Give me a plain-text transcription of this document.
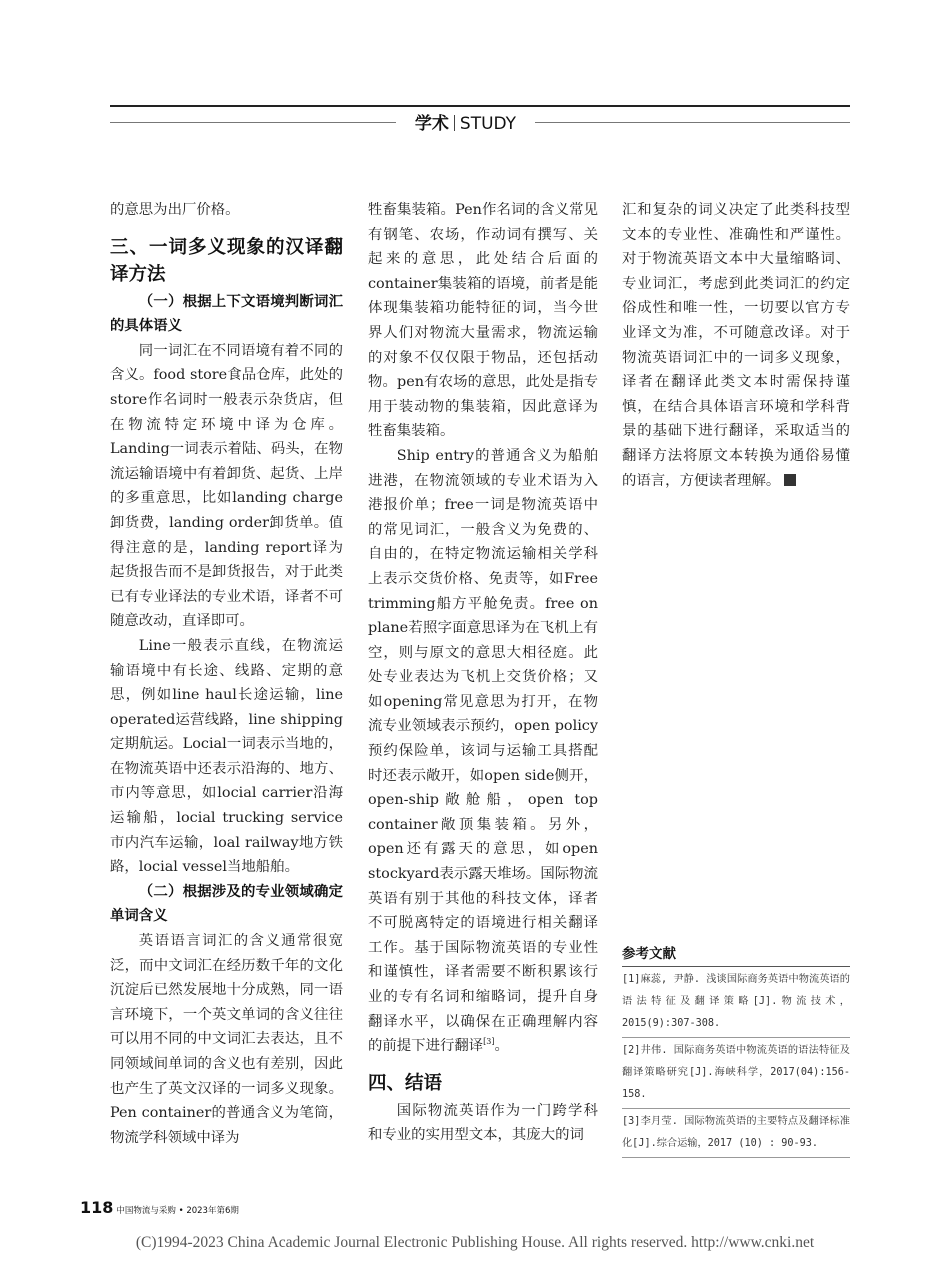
学术 STUDY

的意思为出厂价格。

三、一词多义现象的汉译翻译方法

（一）根据上下文语境判断词汇的具体语义

同一词汇在不同语境有着不同的含义。food store食品仓库，此处的store作名词时一般表示杂货店，但在物流特定环境中译为仓库。Landing一词表示着陆、码头，在物流运输语境中有着卸货、起货、上岸的多重意思，比如landing charge卸货费，landing order卸货单。值得注意的是，landing report译为起货报告而不是卸货报告，对于此类已有专业译法的专业术语，译者不可随意改动，直译即可。

Line一般表示直线，在物流运输语境中有长途、线路、定期的意思，例如line haul长途运输，line operated运营线路，line shipping定期航运。Locial一词表示当地的，在物流英语中还表示沿海的、地方、市内等意思，如locial carrier沿海运输船，locial trucking service市内汽车运输，loal railway地方铁路，locial vessel当地船舶。

（二）根据涉及的专业领域确定单词含义

英语语言词汇的含义通常很宽泛，而中文词汇在经历数千年的文化沉淀后已然发展地十分成熟，同一语言环境下，一个英文单词的含义往往可以用不同的中文词汇去表达，且不同领域间单词的含义也有差别，因此也产生了英文汉译的一词多义现象。Pen container的普通含义为笔筒，物流学科领域中译为

牲畜集装箱。Pen作名词的含义常见有钢笔、农场，作动词有撰写、关起来的意思，此处结合后面的container集装箱的语境，前者是能体现集装箱功能特征的词，当今世界人们对物流大量需求，物流运输的对象不仅仅限于物品，还包括动物。pen有农场的意思，此处是指专用于装动物的集装箱，因此意译为牲畜集装箱。

Ship entry的普通含义为船舶进港，在物流领域的专业术语为入港报价单；free一词是物流英语中的常见词汇，一般含义为免费的、自由的，在特定物流运输相关学科上表示交货价格、免责等，如Free trimming船方平舱免责。free on plane若照字面意思译为在飞机上有空，则与原文的意思大相径庭。此处专业表达为飞机上交货价格；又如opening常见意思为打开，在物流专业领域表示预约，open policy预约保险单，该词与运输工具搭配时还表示敞开，如open side侧开，open-ship敞舱船，open top container敞顶集装箱。另外，open还有露天的意思，如open stockyard表示露天堆场。国际物流英语有别于其他的科技文体，译者不可脱离特定的语境进行相关翻译工作。基于国际物流英语的专业性和谨慎性，译者需要不断积累该行业的专有名词和缩略词，提升自身翻译水平，以确保在正确理解内容的前提下进行翻译[3]。

四、结语

国际物流英语作为一门跨学科和专业的实用型文本，其庞大的词

汇和复杂的词义决定了此类科技型文本的专业性、准确性和严谨性。对于物流英语文本中大量缩略词、专业词汇，考虑到此类词汇的约定俗成性和唯一性，一切要以官方专业译文为准，不可随意改译。对于物流英语词汇中的一词多义现象，译者在翻译此类文本时需保持谨慎，在结合具体语言环境和学科背景的基础下进行翻译，采取适当的翻译方法将原文本转换为通俗易懂的语言，方便读者理解。

参考文献
[1]麻蕊, 尹静. 浅谈国际商务英语中物流英语的语法特征及翻译策略[J].物流技术，2015(9):307-308.
[2]井伟. 国际商务英语中物流英语的语法特征及翻译策略研究[J].海峡科学，2017(04):156-158.
[3]李月莹. 国际物流英语的主要特点及翻译标准化[J].综合运输，2017 (10) : 90-93.
118 中国物流与采购 • 2023年第6期
(C)1994-2023 China Academic Journal Electronic Publishing House. All rights reserved. http://www.cnki.net
